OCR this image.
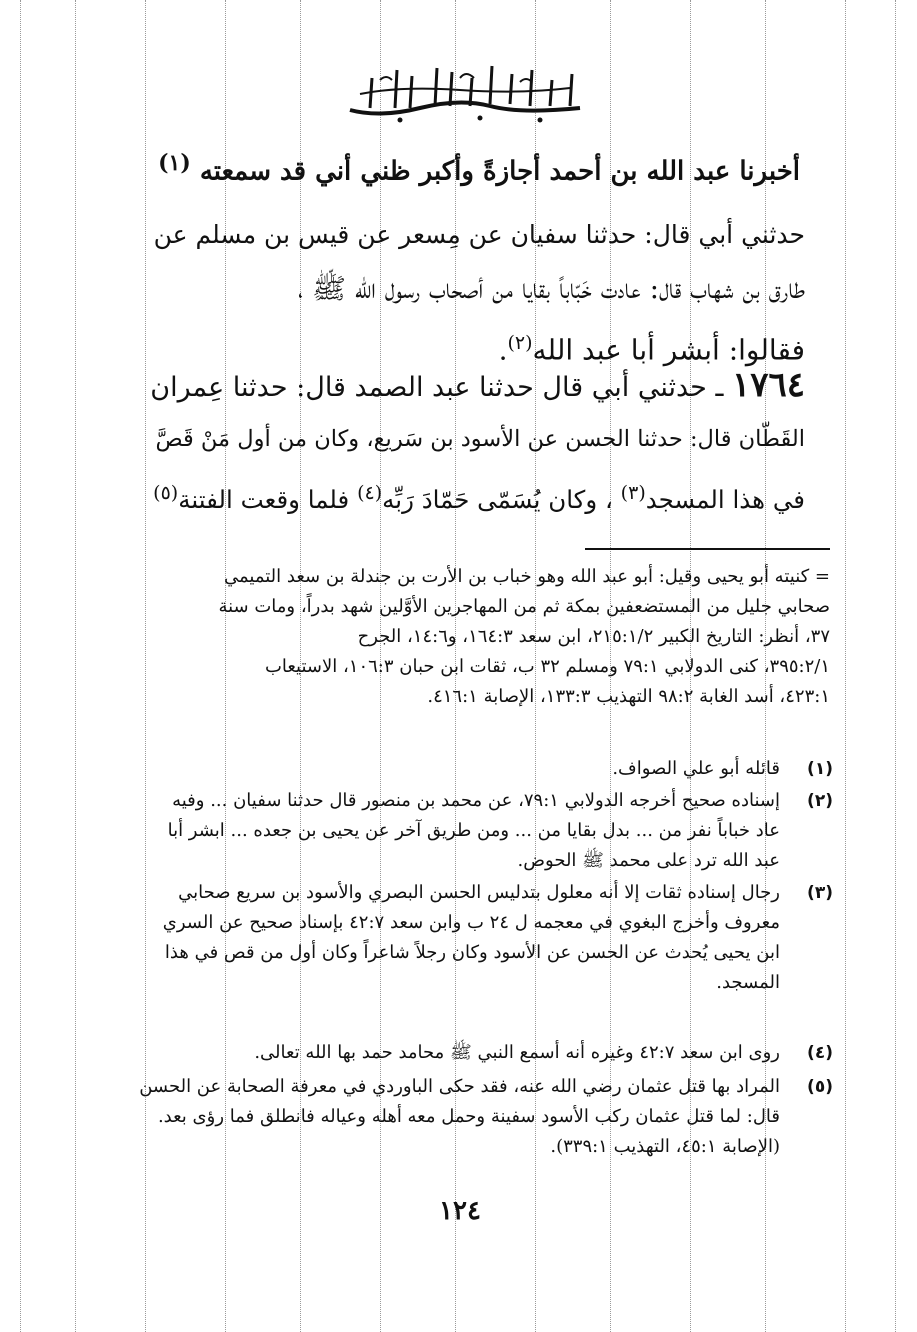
أخبرنا عبد الله بن أحمد أجازةً وأكبر ظني أني قد سمعته $^{(١)}$
حدثني أبي قال: حدثنا سفيان عن مِسعر عن قيس بن مسلم عن
طارق بن شهاب قال: عادت خَبّاباً بقايا من أصحاب رسول الله ﷺ ،
فقالوا: أبشر أبا عبد الله$^{(٢)}$.
١٧٦٤ ـ حدثني أبي قال حدثنا عبد الصمد قال: حدثنا عِمران
القَطّان قال: حدثنا الحسن عن الأسود بن سَريع، وكان من أول مَنْ قَصَّ
في هذا المسجد$^{(٣)}$ ، وكان يُسَمّى حَمّادَ رَبِّه$^{(٤)}$ فلما وقعت الفتنة$^{(٥)}$
= كنيته أبو يحيى وقيل: أبو عبد الله وهو خباب بن الأرت بن جندلة بن سعد التميمي
صحابي جليل من المستضعفين بمكة ثم من المهاجرين الأوَّلين شهد بدراً، ومات سنة
٣٧، أنظر: التاريخ الكبير ٢١٥:١/٢، ابن سعد ١٦٤:٣، و١٤:٦، الجرح
٣٩٥:٢/١، كنى الدولابي ٧٩:١ ومسلم ٣٢ ب، ثقات ابن حبان ١٠٦:٣، الاستيعاب
٤٢٣:١، أسد الغابة ٩٨:٢ التهذيب ١٣٣:٣، الإصابة ٤١٦:١.
(١)
قائله أبو علي الصواف.
(٢)
إسناده صحيح أخرجه الدولابي ٧٩:١، عن محمد بن منصور قال حدثنا سفيان ... وفيه
عاد خباباً نفر من ... بدل بقايا من ... ومن طريق آخر عن يحيى بن جعده ... ابشر أبا
عبد الله ترد على محمد ﷺ الحوض.
(٣)
رجال إسناده ثقات إلا أنه معلول بتدليس الحسن البصري والأسود بن سريع صحابي
معروف وأخرج البغوي في معجمه ل ٢٤ ب وابن سعد ٤٢:٧ بإسناد صحيح عن السري
ابن يحيى يُحدث عن الحسن عن الأسود وكان رجلاً شاعراً وكان أول من قص في هذا
المسجد.
(٤)
روى ابن سعد ٤٢:٧ وغيره أنه أسمع النبي ﷺ محامد حمد بها الله تعالى.
(٥)
المراد بها قتل عثمان رضي الله عنه، فقد حكى الباوردي في معرفة الصحابة عن الحسن
قال: لما قتل عثمان ركب الأسود سفينة وحمل معه أهله وعياله فانطلق فما رؤى بعد.
(الإصابة ٤٥:١، التهذيب ٣٣٩:١).
١٢٤
